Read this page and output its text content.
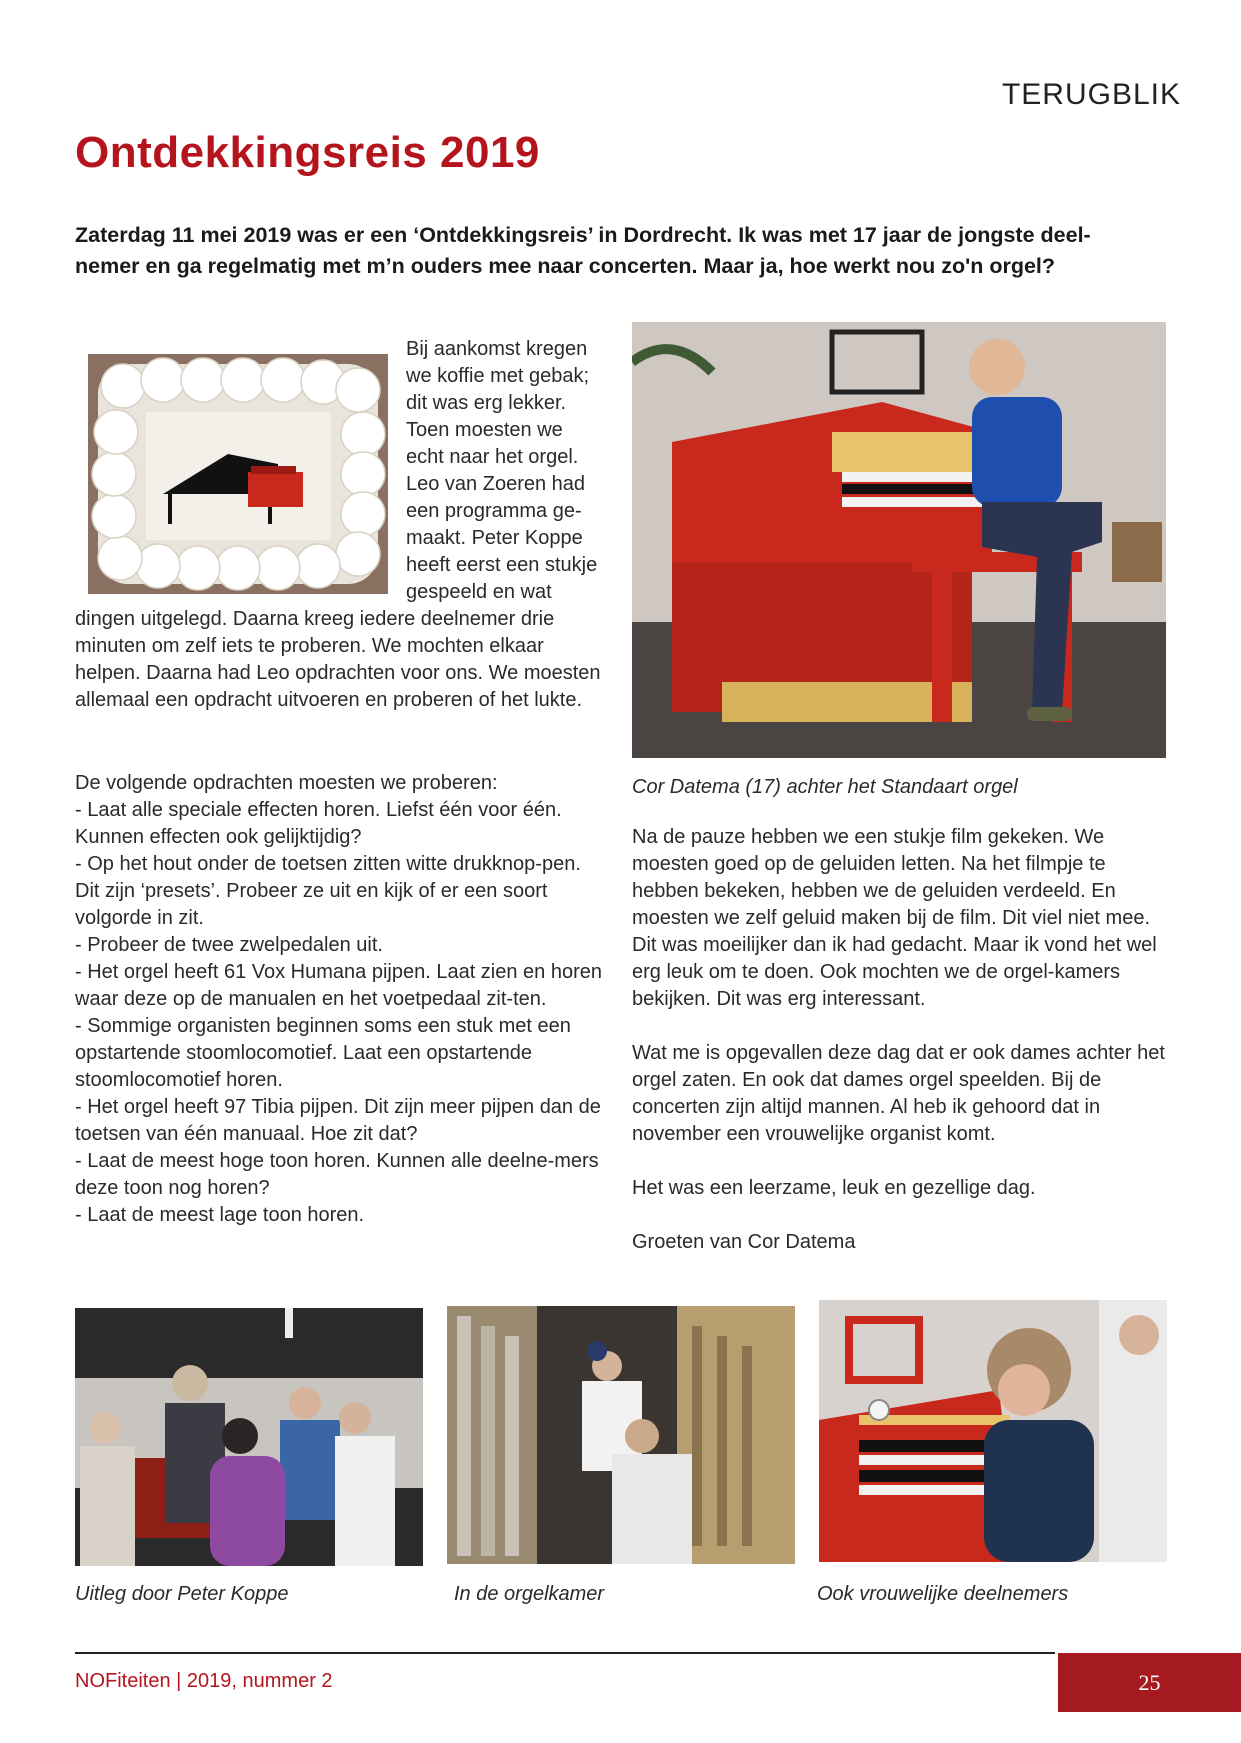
TERUGBLIK
Ontdekkingsreis 2019
Zaterdag 11 mei 2019 was er een ‘Ontdekkingsreis’ in Dordrecht. Ik was met 17 jaar de jongste deel-nemer en ga regelmatig met m’n ouders mee naar concerten. Maar ja, hoe werkt nou zo'n orgel?
Bij aankomst kregen we koffie met gebak; dit was erg lekker. Toen moesten we echt naar het orgel. Leo van Zoeren had een programma ge-maakt. Peter Koppe heeft eerst een stukje gespeeld en wat dingen uitgelegd. Daarna kreeg iedere deelnemer drie minuten om zelf iets te proberen. We mochten elkaar helpen. Daarna had Leo opdrachten voor ons. We moesten allemaal een opdracht uitvoeren en proberen of het lukte.
De volgende opdrachten moesten we proberen:
- Laat alle speciale effecten horen. Liefst één voor één. Kunnen effecten ook gelijktijdig?
- Op het hout onder de toetsen zitten witte drukknop-pen. Dit zijn ‘presets’. Probeer ze uit en kijk of er een soort volgorde in zit.
- Probeer de twee zwelpedalen uit.
- Het orgel heeft 61 Vox Humana pijpen. Laat zien en horen waar deze op de manualen en het voetpedaal zit-ten.
- Sommige organisten beginnen soms een stuk met een opstartende stoomlocomotief. Laat een opstartende stoomlocomotief horen.
- Het orgel heeft 97 Tibia pijpen. Dit zijn meer pijpen dan de toetsen van één manuaal. Hoe zit dat?
- Laat de meest hoge toon horen. Kunnen alle deelne-mers deze toon nog horen?
- Laat de meest lage toon horen.
Cor Datema (17) achter het Standaart orgel

Na de pauze hebben we een stukje film gekeken. We moesten goed op de geluiden letten. Na het filmpje te hebben bekeken, hebben we de geluiden verdeeld. En moesten we zelf geluid maken bij de film. Dit viel niet mee. Dit was moeilijker dan ik had gedacht. Maar ik vond het wel erg leuk om te doen. Ook mochten we de orgel-kamers bekijken. Dit was erg interessant.

Wat me is opgevallen deze dag dat er ook dames achter het orgel zaten. En ook dat dames orgel speelden. Bij de concerten zijn altijd mannen. Al heb ik gehoord dat in november een vrouwelijke organist komt.

Het was een leerzame, leuk en gezellige dag.

Groeten van Cor Datema

Uitleg door Peter Koppe	In de orgelkamer	Ook vrouwelijke deelnemers
NOFiteiten | 2019, nummer 2	25
